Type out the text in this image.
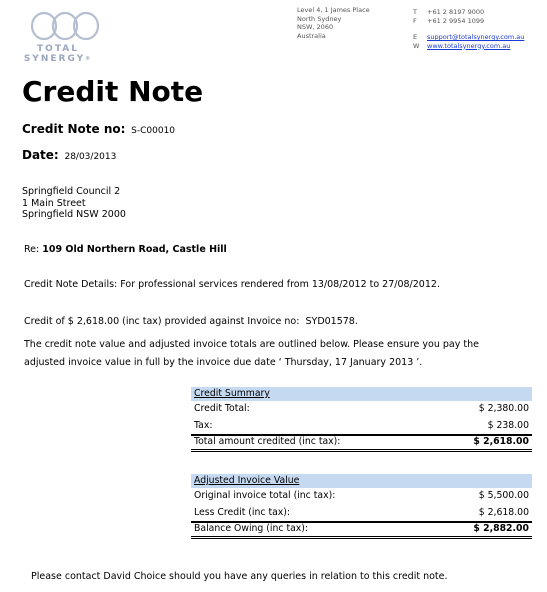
TOTAL
SYNERGY®
Level 4, 1 James Place
North Sydney
NSW, 2060
Australia
T +61 2 8197 9000
F +61 2 9954 1099
E support@totalsynergy.com.au
W www.totalsynergy.com.au
Credit Note
Credit Note no: S-C00010
Date: 28/03/2013
Springfield Council 2
1 Main Street
Springfield NSW 2000
Re: 109 Old Northern Road, Castle Hill
Credit Note Details: For professional services rendered from 13/08/2012 to 27/08/2012.
Credit of $ 2,618.00 (inc tax) provided against Invoice no: SYD01578.
The credit note value and adjusted invoice totals are outlined below. Please ensure you pay the
adjusted invoice value in full by the invoice due date ‘ Thursday, 17 January 2013 ’.
Credit Summary
Credit Total:	$ 2,380.00
Tax:	$ 238.00
Total amount credited (inc tax):	$ 2,618.00
Adjusted Invoice Value
Original invoice total (inc tax):	$ 5,500.00
Less Credit (inc tax):	$ 2,618.00
Balance Owing (inc tax):	$ 2,882.00
Please contact David Choice should you have any queries in relation to this credit note.
